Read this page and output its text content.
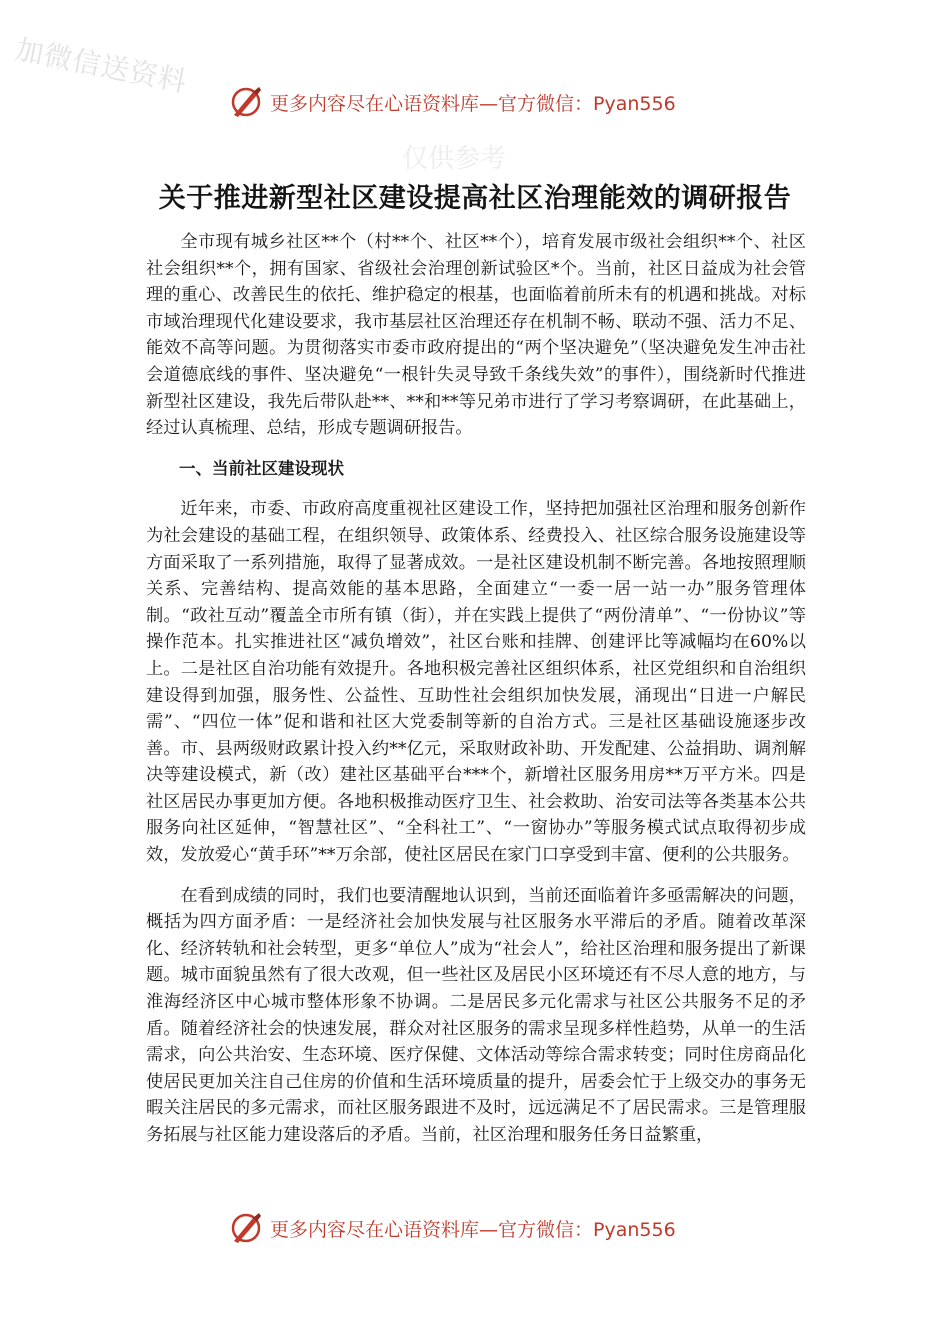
加微信送资料
仅供参考
更多内容尽在心语资料库—官方微信：Pyan556
关于推进新型社区建设提高社区治理能效的调研报告

全市现有城乡社区**个（村**个、社区**个），培育发展市级社会组织**个、社区社会组织**个，拥有国家、省级社会治理创新试验区*个。当前，社区日益成为社会管理的重心、改善民生的依托、维护稳定的根基，也面临着前所未有的机遇和挑战。对标市域治理现代化建设要求，我市基层社区治理还存在机制不畅、联动不强、活力不足、能效不高等问题。为贯彻落实市委市政府提出的“两个坚决避免”（坚决避免发生冲击社会道德底线的事件、坚决避免“一根针失灵导致千条线失效”的事件），围绕新时代推进新型社区建设，我先后带队赴**、**和**等兄弟市进行了学习考察调研，在此基础上，经过认真梳理、总结，形成专题调研报告。

一、当前社区建设现状

近年来，市委、市政府高度重视社区建设工作，坚持把加强社区治理和服务创新作为社会建设的基础工程，在组织领导、政策体系、经费投入、社区综合服务设施建设等方面采取了一系列措施，取得了显著成效。一是社区建设机制不断完善。各地按照理顺关系、完善结构、提高效能的基本思路，全面建立“一委一居一站一办”服务管理体制。“政社互动”覆盖全市所有镇（街），并在实践上提供了“两份清单”、“一份协议”等操作范本。扎实推进社区“减负增效”，社区台账和挂牌、创建评比等减幅均在60%以上。二是社区自治功能有效提升。各地积极完善社区组织体系，社区党组织和自治组织建设得到加强，服务性、公益性、互助性社会组织加快发展，涌现出“日进一户解民需”、“四位一体”促和谐和社区大党委制等新的自治方式。三是社区基础设施逐步改善。市、县两级财政累计投入约**亿元，采取财政补助、开发配建、公益捐助、调剂解决等建设模式，新（改）建社区基础平台***个，新增社区服务用房**万平方米。四是社区居民办事更加方便。各地积极推动医疗卫生、社会救助、治安司法等各类基本公共服务向社区延伸，“智慧社区”、“全科社工”、“一窗协办”等服务模式试点取得初步成效，发放爱心“黄手环”**万余部，使社区居民在家门口享受到丰富、便利的公共服务。

在看到成绩的同时，我们也要清醒地认识到，当前还面临着许多亟需解决的问题，概括为四方面矛盾：一是经济社会加快发展与社区服务水平滞后的矛盾。随着改革深化、经济转轨和社会转型，更多“单位人”成为“社会人”，给社区治理和服务提出了新课题。城市面貌虽然有了很大改观，但一些社区及居民小区环境还有不尽人意的地方，与淮海经济区中心城市整体形象不协调。二是居民多元化需求与社区公共服务不足的矛盾。随着经济社会的快速发展，群众对社区服务的需求呈现多样性趋势，从单一的生活需求，向公共治安、生态环境、医疗保健、文体活动等综合需求转变；同时住房商品化使居民更加关注自己住房的价值和生活环境质量的提升，居委会忙于上级交办的事务无暇关注居民的多元需求，而社区服务跟进不及时，远远满足不了居民需求。三是管理服务拓展与社区能力建设落后的矛盾。当前，社区治理和服务任务日益繁重，

更多内容尽在心语资料库—官方微信：Pyan556
